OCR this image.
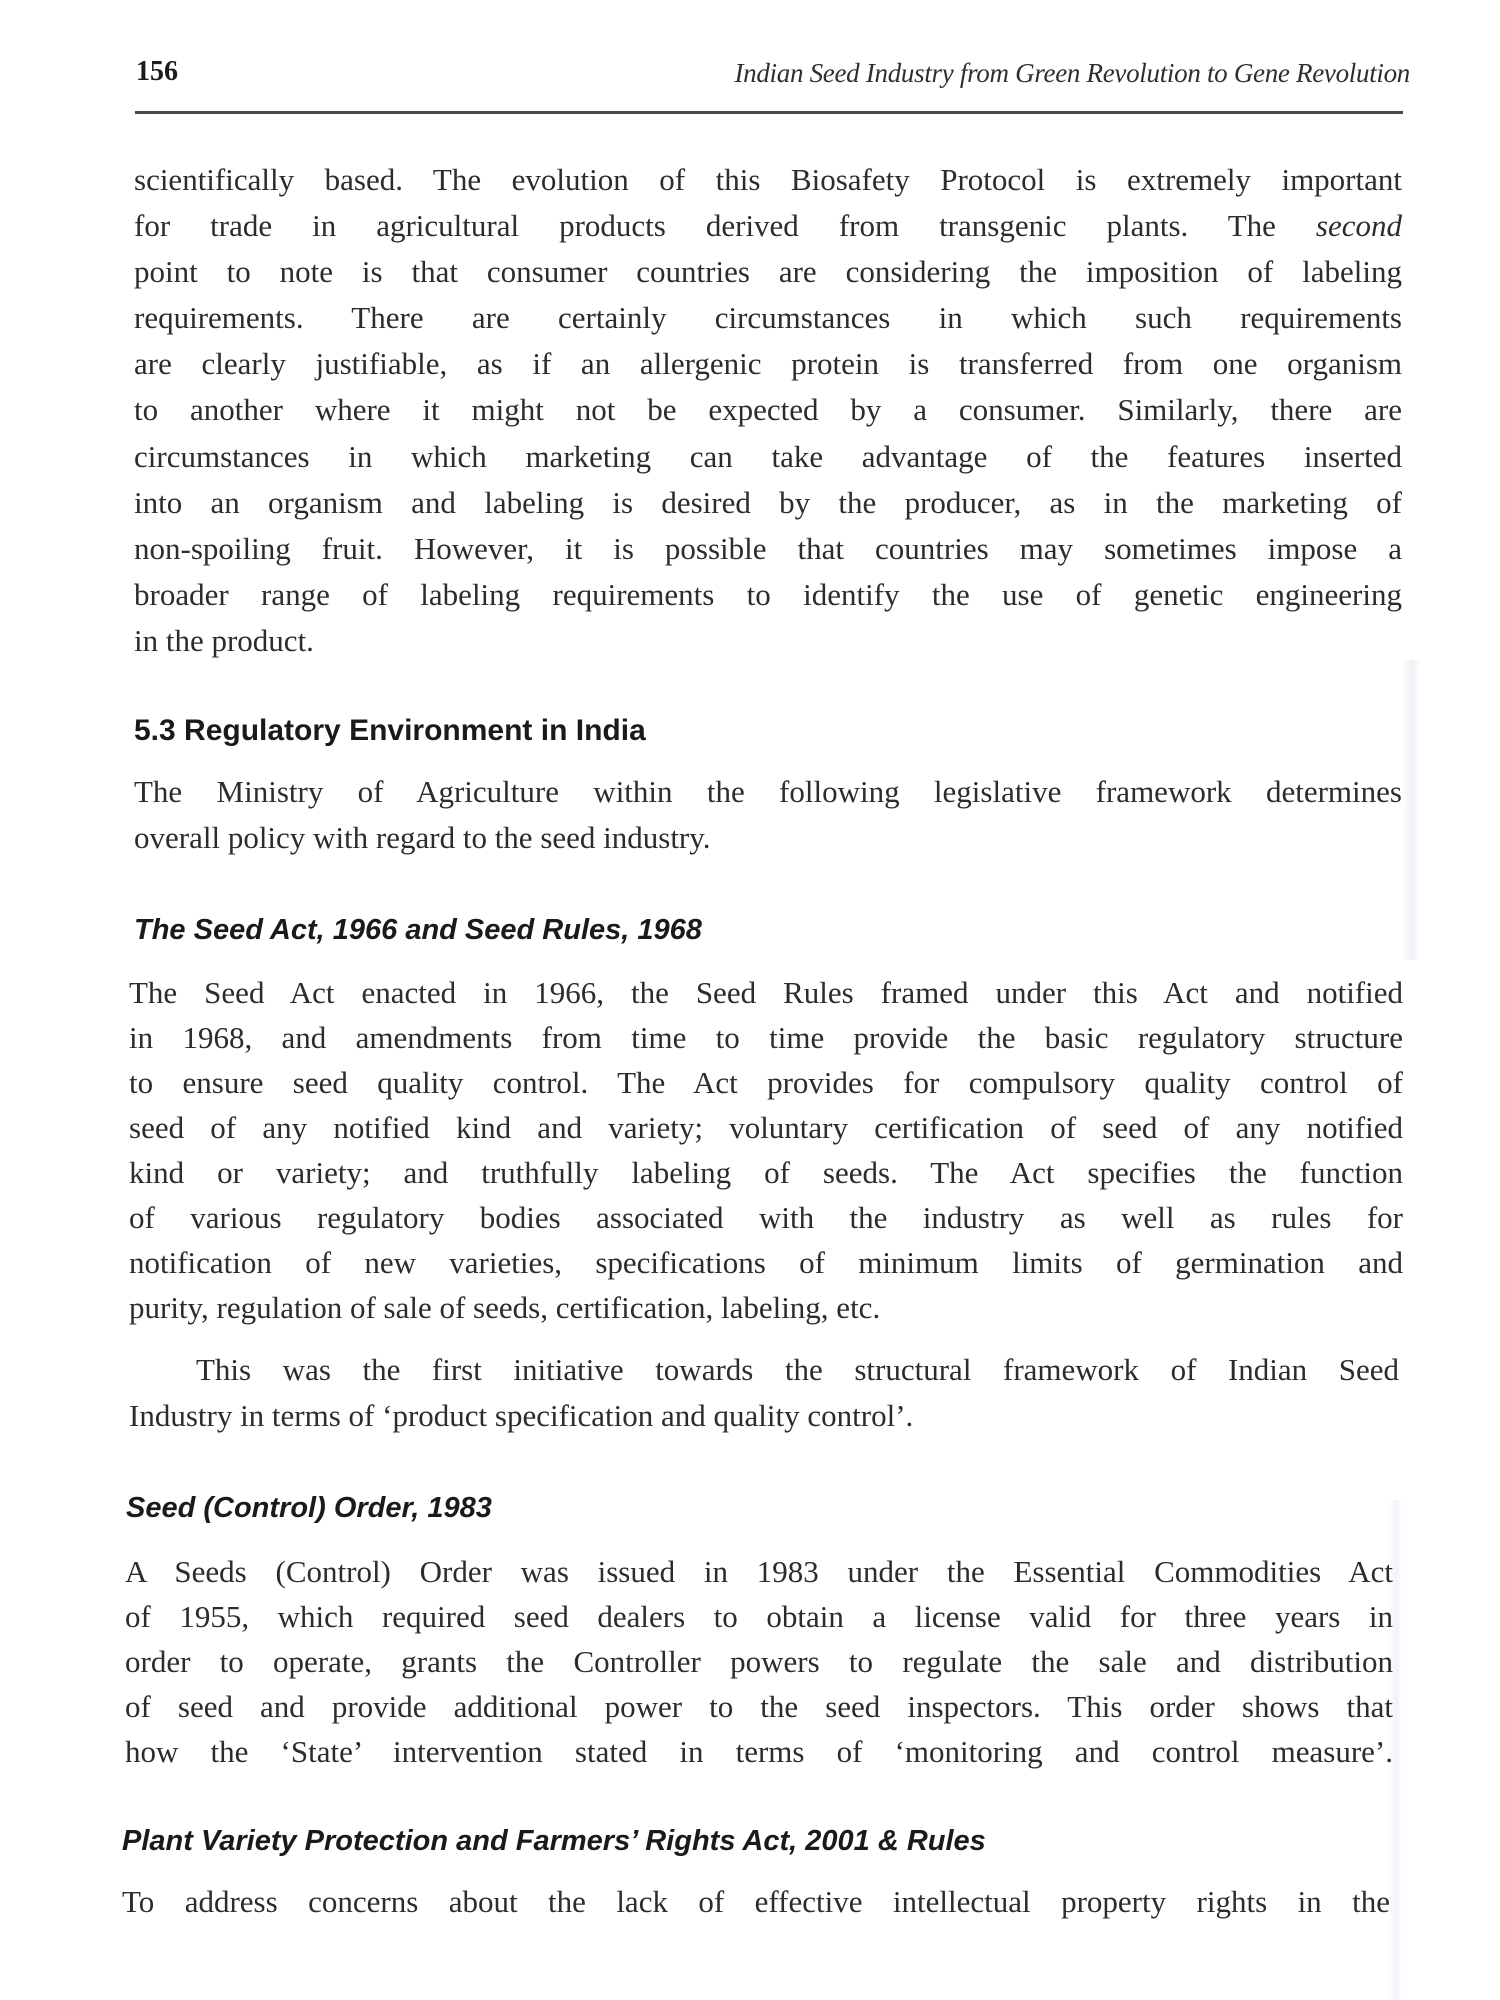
156	Indian Seed Industry from Green Revolution to Gene Revolution
scientifically based. The evolution of this Biosafety Protocol is extremely important
for trade in agricultural products derived from transgenic plants. The second
point to note is that consumer countries are considering the imposition of labeling
requirements. There are certainly circumstances in which such requirements
are clearly justifiable, as if an allergenic protein is transferred from one organism
to another where it might not be expected by a consumer. Similarly, there are
circumstances in which marketing can take advantage of the features inserted
into an organism and labeling is desired by the producer, as in the marketing of
non-spoiling fruit. However, it is possible that countries may sometimes impose a
broader range of labeling requirements to identify the use of genetic engineering
in the product.
5.3 Regulatory Environment in India
The Ministry of Agriculture within the following legislative framework determines
overall policy with regard to the seed industry.
The Seed Act, 1966 and Seed Rules, 1968
The Seed Act enacted in 1966, the Seed Rules framed under this Act and notified
in 1968, and amendments from time to time provide the basic regulatory structure
to ensure seed quality control. The Act provides for compulsory quality control of
seed of any notified kind and variety; voluntary certification of seed of any notified
kind or variety; and truthfully labeling of seeds. The Act specifies the function
of various regulatory bodies associated with the industry as well as rules for
notification of new varieties, specifications of minimum limits of germination and
purity, regulation of sale of seeds, certification, labeling, etc.
This was the first initiative towards the structural framework of Indian Seed
Industry in terms of ‘product specification and quality control’.
Seed (Control) Order, 1983
A Seeds (Control) Order was issued in 1983 under the Essential Commodities Act
of 1955, which required seed dealers to obtain a license valid for three years in
order to operate, grants the Controller powers to regulate the sale and distribution
of seed and provide additional power to the seed inspectors. This order shows that
how the ‘State’ intervention stated in terms of ‘monitoring and control measure’.
Plant Variety Protection and Farmers’ Rights Act, 2001 & Rules
To address concerns about the lack of effective intellectual property rights in the
